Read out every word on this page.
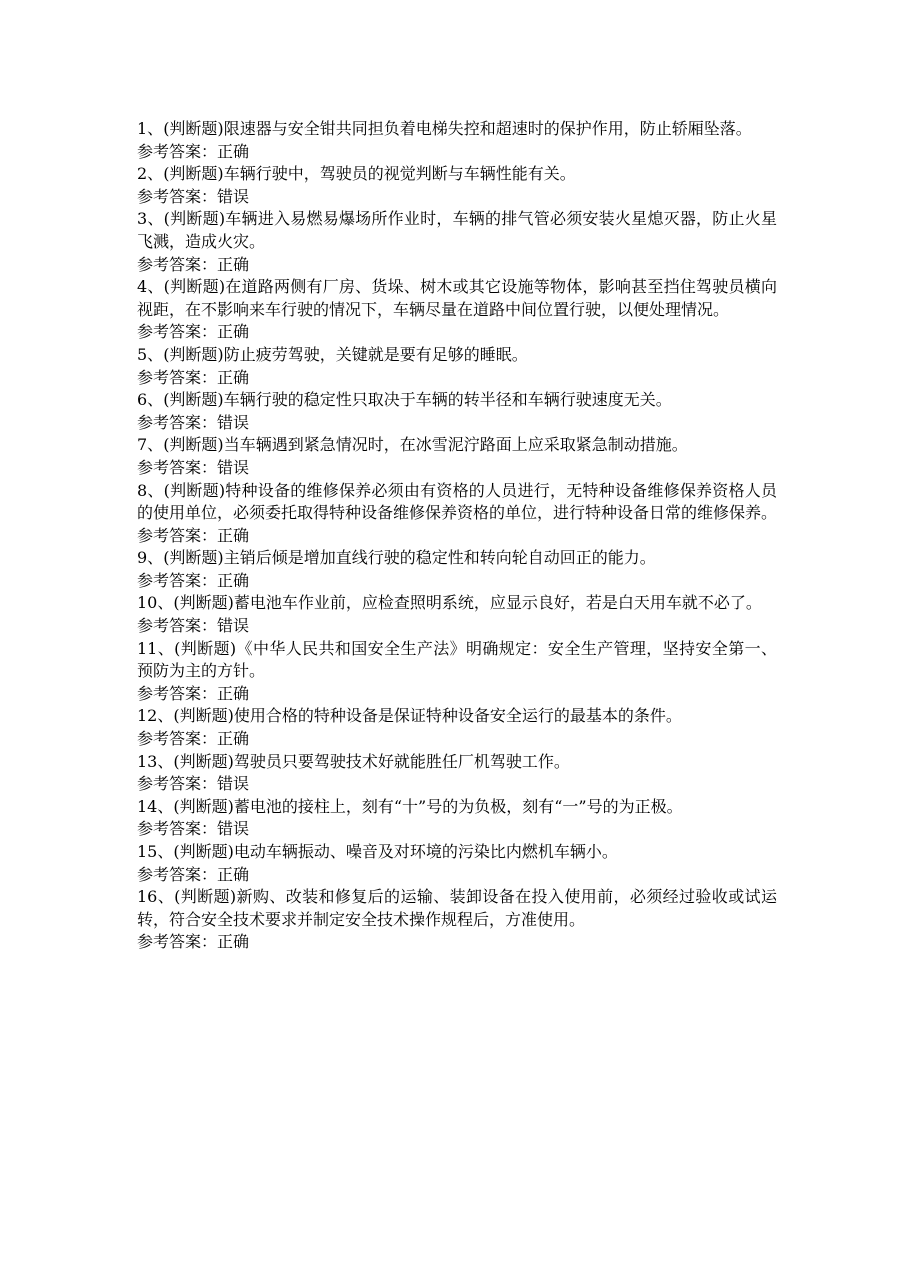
1、(判断题)限速器与安全钳共同担负着电梯失控和超速时的保护作用，防止轿厢坠落。

参考答案：正确

2、(判断题)车辆行驶中，驾驶员的视觉判断与车辆性能有关。

参考答案：错误

3、(判断题)车辆进入易燃易爆场所作业时，车辆的排气管必须安装火星熄灭器，防止火星飞溅，造成火灾。

参考答案：正确

4、(判断题)在道路两侧有厂房、货垛、树木或其它设施等物体，影响甚至挡住驾驶员横向视距，在不影响来车行驶的情况下，车辆尽量在道路中间位置行驶，以便处理情况。

参考答案：正确

5、(判断题)防止疲劳驾驶，关键就是要有足够的睡眠。

参考答案：正确

6、(判断题)车辆行驶的稳定性只取决于车辆的转半径和车辆行驶速度无关。

参考答案：错误

7、(判断题)当车辆遇到紧急情况时，在冰雪泥泞路面上应采取紧急制动措施。

参考答案：错误

8、(判断题)特种设备的维修保养必须由有资格的人员进行，无特种设备维修保养资格人员的使用单位，必须委托取得特种设备维修保养资格的单位，进行特种设备日常的维修保养。

参考答案：正确

9、(判断题)主销后倾是增加直线行驶的稳定性和转向轮自动回正的能力。

参考答案：正确

10、(判断题)蓄电池车作业前，应检查照明系统，应显示良好，若是白天用车就不必了。

参考答案：错误

11、(判断题)《中华人民共和国安全生产法》明确规定：安全生产管理，坚持安全第一、预防为主的方针。

参考答案：正确

12、(判断题)使用合格的特种设备是保证特种设备安全运行的最基本的条件。

参考答案：正确

13、(判断题)驾驶员只要驾驶技术好就能胜任厂机驾驶工作。

参考答案：错误

14、(判断题)蓄电池的接柱上，刻有“十”号的为负极，刻有“一”号的为正极。

参考答案：错误

15、(判断题)电动车辆振动、噪音及对环境的污染比内燃机车辆小。

参考答案：正确

16、(判断题)新购、改装和修复后的运输、装卸设备在投入使用前，必须经过验收或试运转，符合安全技术要求并制定安全技术操作规程后，方准使用。

参考答案：正确
